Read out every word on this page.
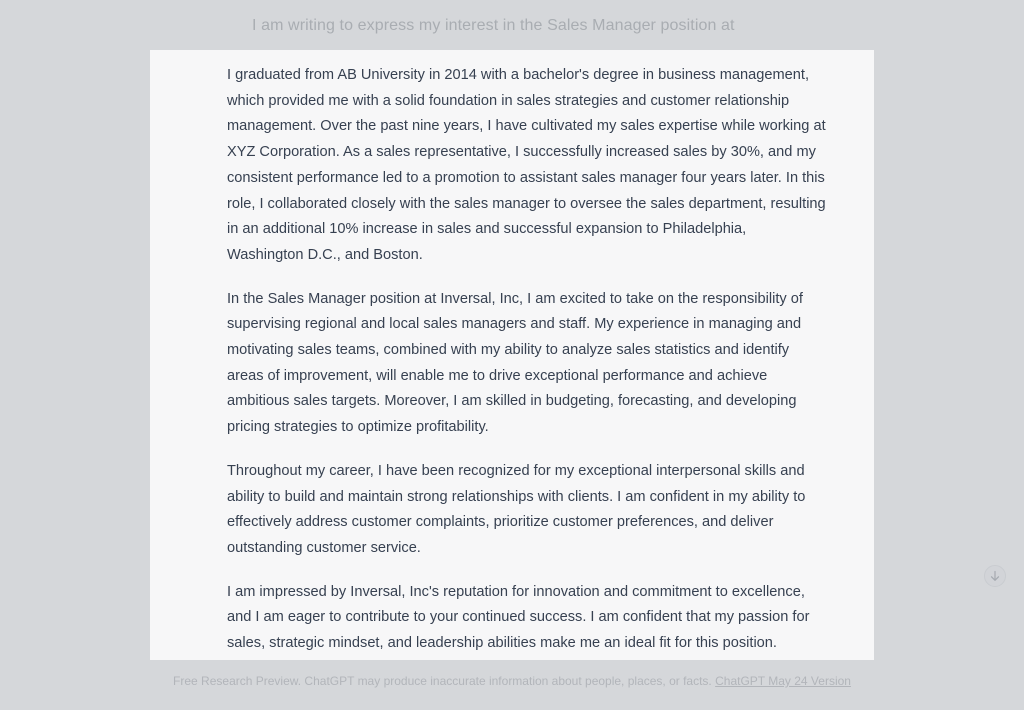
I am writing to express my interest in the Sales Manager position at

I graduated from AB University in 2014 with a bachelor's degree in business management, which provided me with a solid foundation in sales strategies and customer relationship management. Over the past nine years, I have cultivated my sales expertise while working at XYZ Corporation. As a sales representative, I successfully increased sales by 30%, and my consistent performance led to a promotion to assistant sales manager four years later. In this role, I collaborated closely with the sales manager to oversee the sales department, resulting in an additional 10% increase in sales and successful expansion to Philadelphia, Washington D.C., and Boston.

In the Sales Manager position at Inversal, Inc, I am excited to take on the responsibility of supervising regional and local sales managers and staff. My experience in managing and motivating sales teams, combined with my ability to analyze sales statistics and identify areas of improvement, will enable me to drive exceptional performance and achieve ambitious sales targets. Moreover, I am skilled in budgeting, forecasting, and developing pricing strategies to optimize profitability.

Throughout my career, I have been recognized for my exceptional interpersonal skills and ability to build and maintain strong relationships with clients. I am confident in my ability to effectively address customer complaints, prioritize customer preferences, and deliver outstanding customer service.

I am impressed by Inversal, Inc's reputation for innovation and commitment to excellence, and I am eager to contribute to your continued success. I am confident that my passion for sales, strategic mindset, and leadership abilities make me an ideal fit for this position.

Free Research Preview. ChatGPT may produce inaccurate information about people, places, or facts. ChatGPT May 24 Version
